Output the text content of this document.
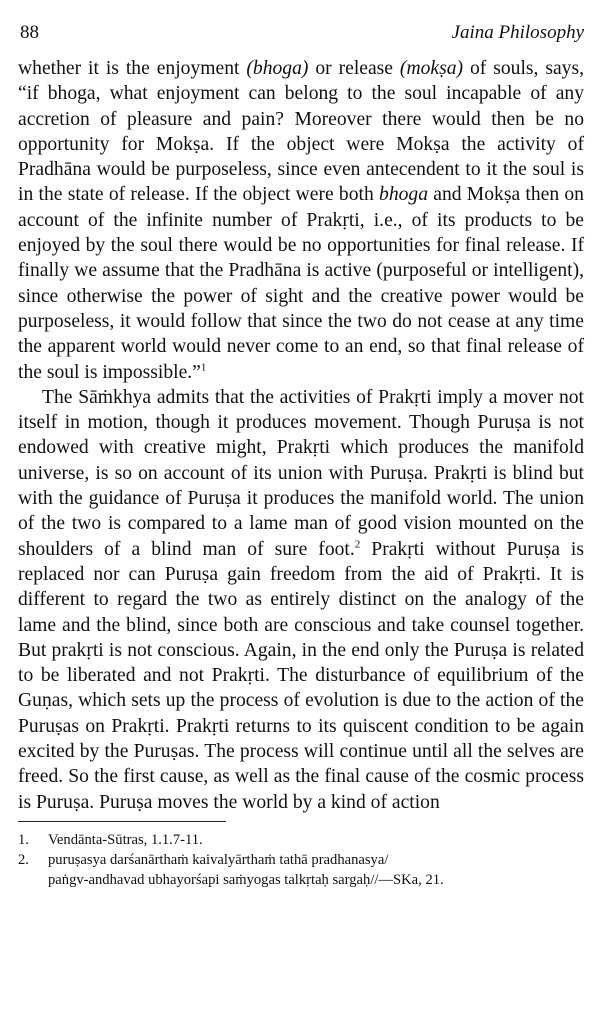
88	Jaina Philosophy

whether it is the enjoyment (bhoga) or release (mokṣa) of souls, says, “if bhoga, what enjoyment can belong to the soul incapable of any accretion of pleasure and pain? Moreover there would then be no opportunity for Mokṣa. If the object were Mokṣa the activity of Pradhāna would be purposeless, since even antecendent to it the soul is in the state of release. If the object were both bhoga and Mokṣa then on account of the infinite number of Prakṛti, i.e., of its products to be enjoyed by the soul there would be no opportunities for final release. If finally we assume that the Pradhāna is active (purposeful or intelligent), since otherwise the power of sight and the creative power would be purposeless, it would follow that since the two do not cease at any time the apparent world would never come to an end, so that final release of the soul is impossible.”$^1$

The Sāṁkhya admits that the activities of Prakṛti imply a mover not itself in motion, though it produces movement. Though Puruṣa is not endowed with creative might, Prakṛti which produces the manifold universe, is so on account of its union with Puruṣa. Prakṛti is blind but with the guidance of Puruṣa it produces the manifold world. The union of the two is compared to a lame man of good vision mounted on the shoulders of a blind man of sure foot.$^2$ Prakṛti without Puruṣa is replaced nor can Puruṣa gain freedom from the aid of Prakṛti. It is different to regard the two as entirely distinct on the analogy of the lame and the blind, since both are conscious and take counsel together. But prakṛti is not conscious. Again, in the end only the Puruṣa is related to be liberated and not Prakṛti. The disturbance of equilibrium of the Guṇas, which sets up the process of evolution is due to the action of the Puruṣas on Prakṛti. Prakṛti returns to its quiscent condition to be again excited by the Puruṣas. The process will continue until all the selves are freed. So the first cause, as well as the final cause of the cosmic process is Puruṣa. Puruṣa moves the world by a kind of action

1.	Vendānta-Sūtras, 1.1.7-11.
2.	puruṣasya darśanārthaṁ kaivalyārthaṁ tathā pradhanasya/
paṅgv-andhavad ubhayorśapi saṁyogas talkṛtaḥ sargaḥ//—SKa, 21.
